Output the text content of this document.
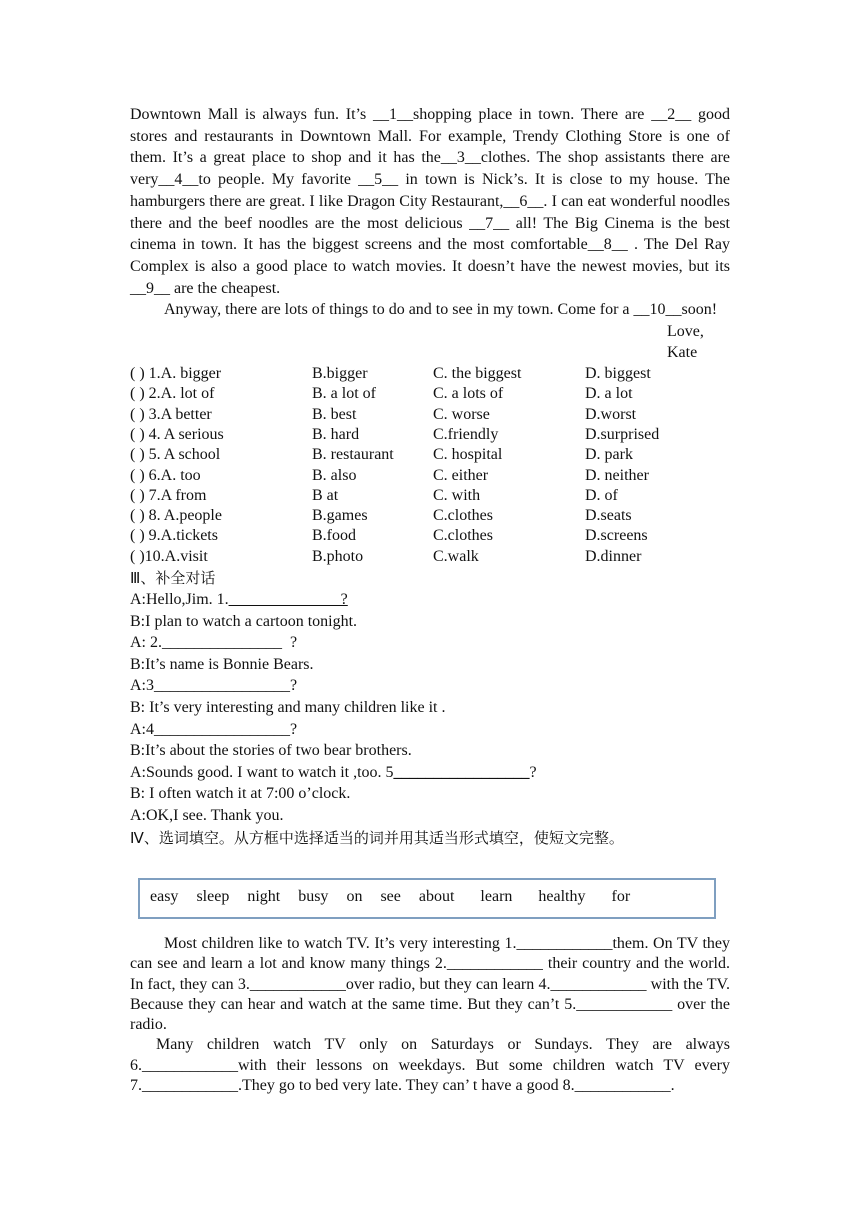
Downtown Mall is always fun. It’s __1__shopping place in town. There are __2__ good stores and restaurants in Downtown Mall. For example, Trendy Clothing Store is one of them. It’s a great place to shop and it has the__3__clothes. The shop assistants there are very__4__to people. My favorite __5__ in town is Nick’s. It is close to my house. The hamburgers there are great. I like Dragon City Restaurant,__6__. I can eat wonderful noodles there and the beef noodles are the most delicious __7__ all! The Big Cinema is the best cinema in town. It has the biggest screens and the most comfortable__8__ . The Del Ray Complex is also a good place to watch movies. It doesn’t have the newest movies, but its __9__ are the cheapest.

Anyway, there are lots of things to do and to see in my town. Come for a __10__soon!

Love,

Kate

( ) 1.A. bigger	B.bigger	C. the biggest	D. biggest
( ) 2.A. lot of	B. a lot of	C. a lots of	D. a lot
( ) 3.A better	B. best	C. worse	D.worst
( ) 4. A serious	B. hard	C.friendly	D.surprised
( ) 5. A school	B. restaurant	C. hospital	D. park
( ) 6.A. too	B. also	C. either	D. neither
( ) 7.A from	B at	C. with	D. of
( ) 8. A.people	B.games	C.clothes	D.seats
( ) 9.A.tickets	B.food	C.clothes	D.screens
( )10.A.visit	B.photo	C.walk	D.dinner

Ⅲ、补全对话

A:Hello,Jim. 1.______________?

B:I plan to watch a cartoon tonight.

A: 2._______________  ?

B:It’s name is Bonnie Bears.

A:3_________________?

B: It’s very interesting and many children like it .

A:4_________________?

B:It’s about the stories of two bear brothers.

A:Sounds good. I want to watch it ,too. 5_________________?

B: I often watch it at 7:00 o’clock.

A:OK,I see. Thank you.

Ⅳ、选词填空。从方框中选择适当的词并用其适当形式填空，使短文完整。

easy sleep night busy on see about learn healthy for

Most children like to watch TV. It’s very interesting 1.____________them. On TV they can see and learn a lot and know many things 2.____________ their country and the world. In fact, they can 3.____________over radio, but they can learn 4.____________ with the TV. Because they can hear and watch at the same time. But they can’t 5.____________ over the radio.

Many children watch TV only on Saturdays or Sundays. They are always 6.____________with their lessons on weekdays. But some children watch TV every 7.____________.They go to bed very late. They can’ t have a good 8.____________.
